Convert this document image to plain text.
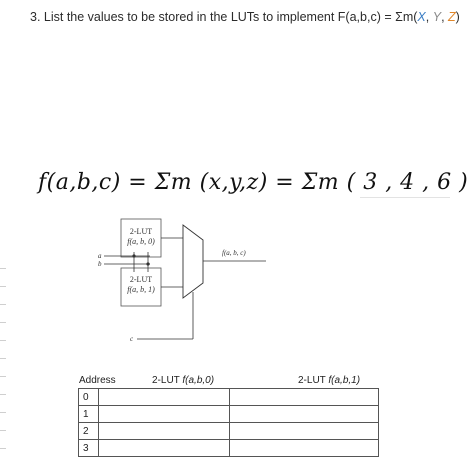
3. List the values to be stored in the LUTs to implement F(a,b,c) = Σm(X, Y, Z)
f(a,b,c) = Σm (x,y,z) = Σm ( 3 , 4 , 6 )
2-LUT
f(a, b, 0)
2-LUT
f(a, b, 1)
a
b
f(a, b, c)
c
Address	2-LUT f(a,b,0)	2-LUT f(a,b,1)
0		
1		
2		
3		
